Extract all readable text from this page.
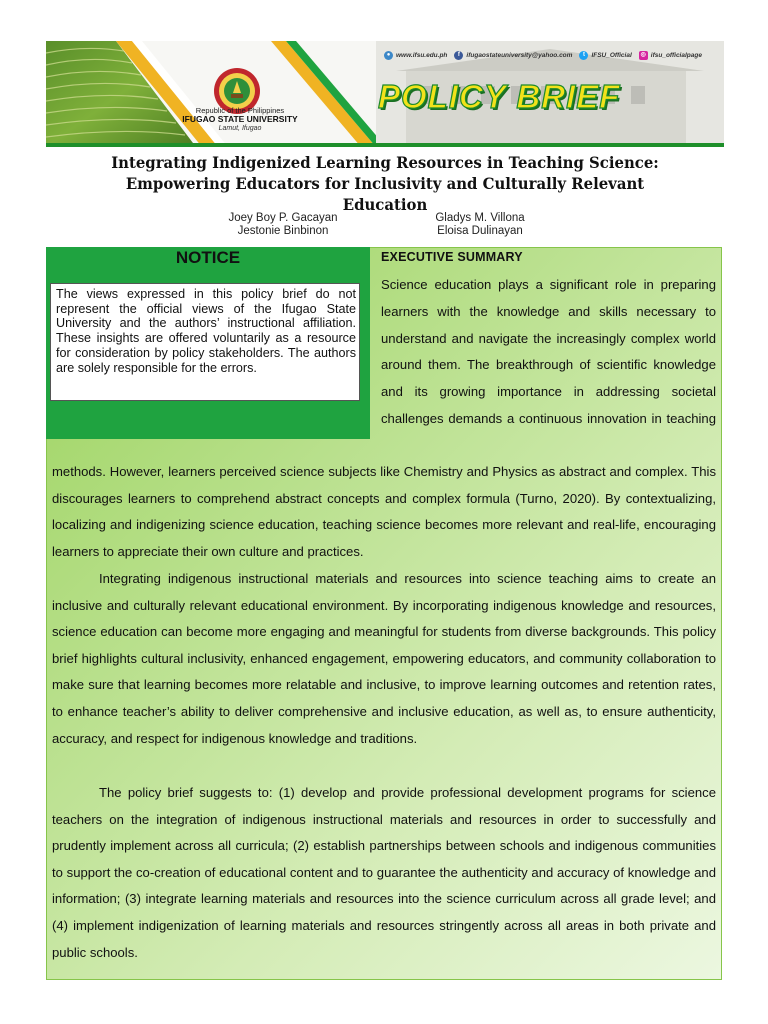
Republic of the Philippines
IFUGAO STATE UNIVERSITY
Lamut, Ifugao
● www.ifsu.edu.ph	f	ifugaostateuniversity@yahoo.com	t	IFSU_Official	◎ ifsu_officialpage
POLICY BRIEF
Integrating Indigenized Learning Resources in Teaching Science: Empowering Educators for Inclusivity and Culturally Relevant Education
Joey Boy P. Gacayan
Jestonie Binbinon
Gladys M. Villona
Eloisa Dulinayan
NOTICE
The views expressed in this policy brief do not represent the official views of the Ifugao State University and the authors’ instructional affiliation. These insights are offered voluntarily as a resource for consideration by policy stakeholders. The authors are solely responsible for the errors.
EXECUTIVE SUMMARY

Science education plays a significant role in preparing learners with the knowledge and skills necessary to understand and navigate the increasingly complex world around them. The breakthrough of scientific knowledge and its growing importance in addressing societal challenges demands a continuous innovation in teaching

methods. However, learners perceived science subjects like Chemistry and Physics as abstract and complex. This discourages learners to comprehend abstract concepts and complex formula (Turno, 2020). By contextualizing, localizing and indigenizing science education, teaching science becomes more relevant and real-life, encouraging learners to appreciate their own culture and practices.

Integrating indigenous instructional materials and resources into science teaching aims to create an inclusive and culturally relevant educational environment. By incorporating indigenous knowledge and resources, science education can become more engaging and meaningful for students from diverse backgrounds. This policy brief highlights cultural inclusivity, enhanced engagement, empowering educators, and community collaboration to make sure that learning becomes more relatable and inclusive, to improve learning outcomes and retention rates, to enhance teacher’s ability to deliver comprehensive and inclusive education, as well as, to ensure authenticity, accuracy, and respect for indigenous knowledge and traditions.

The policy brief suggests to: (1) develop and provide professional development programs for science teachers on the integration of indigenous instructional materials and resources in order to successfully and prudently implement across all curricula; (2) establish partnerships between schools and indigenous communities to support the co-creation of educational content and to guarantee the authenticity and accuracy of knowledge and information; (3) integrate learning materials and resources into the science curriculum across all grade level; and (4) implement indigenization of learning materials and resources stringently across all areas in both private and public schools.
